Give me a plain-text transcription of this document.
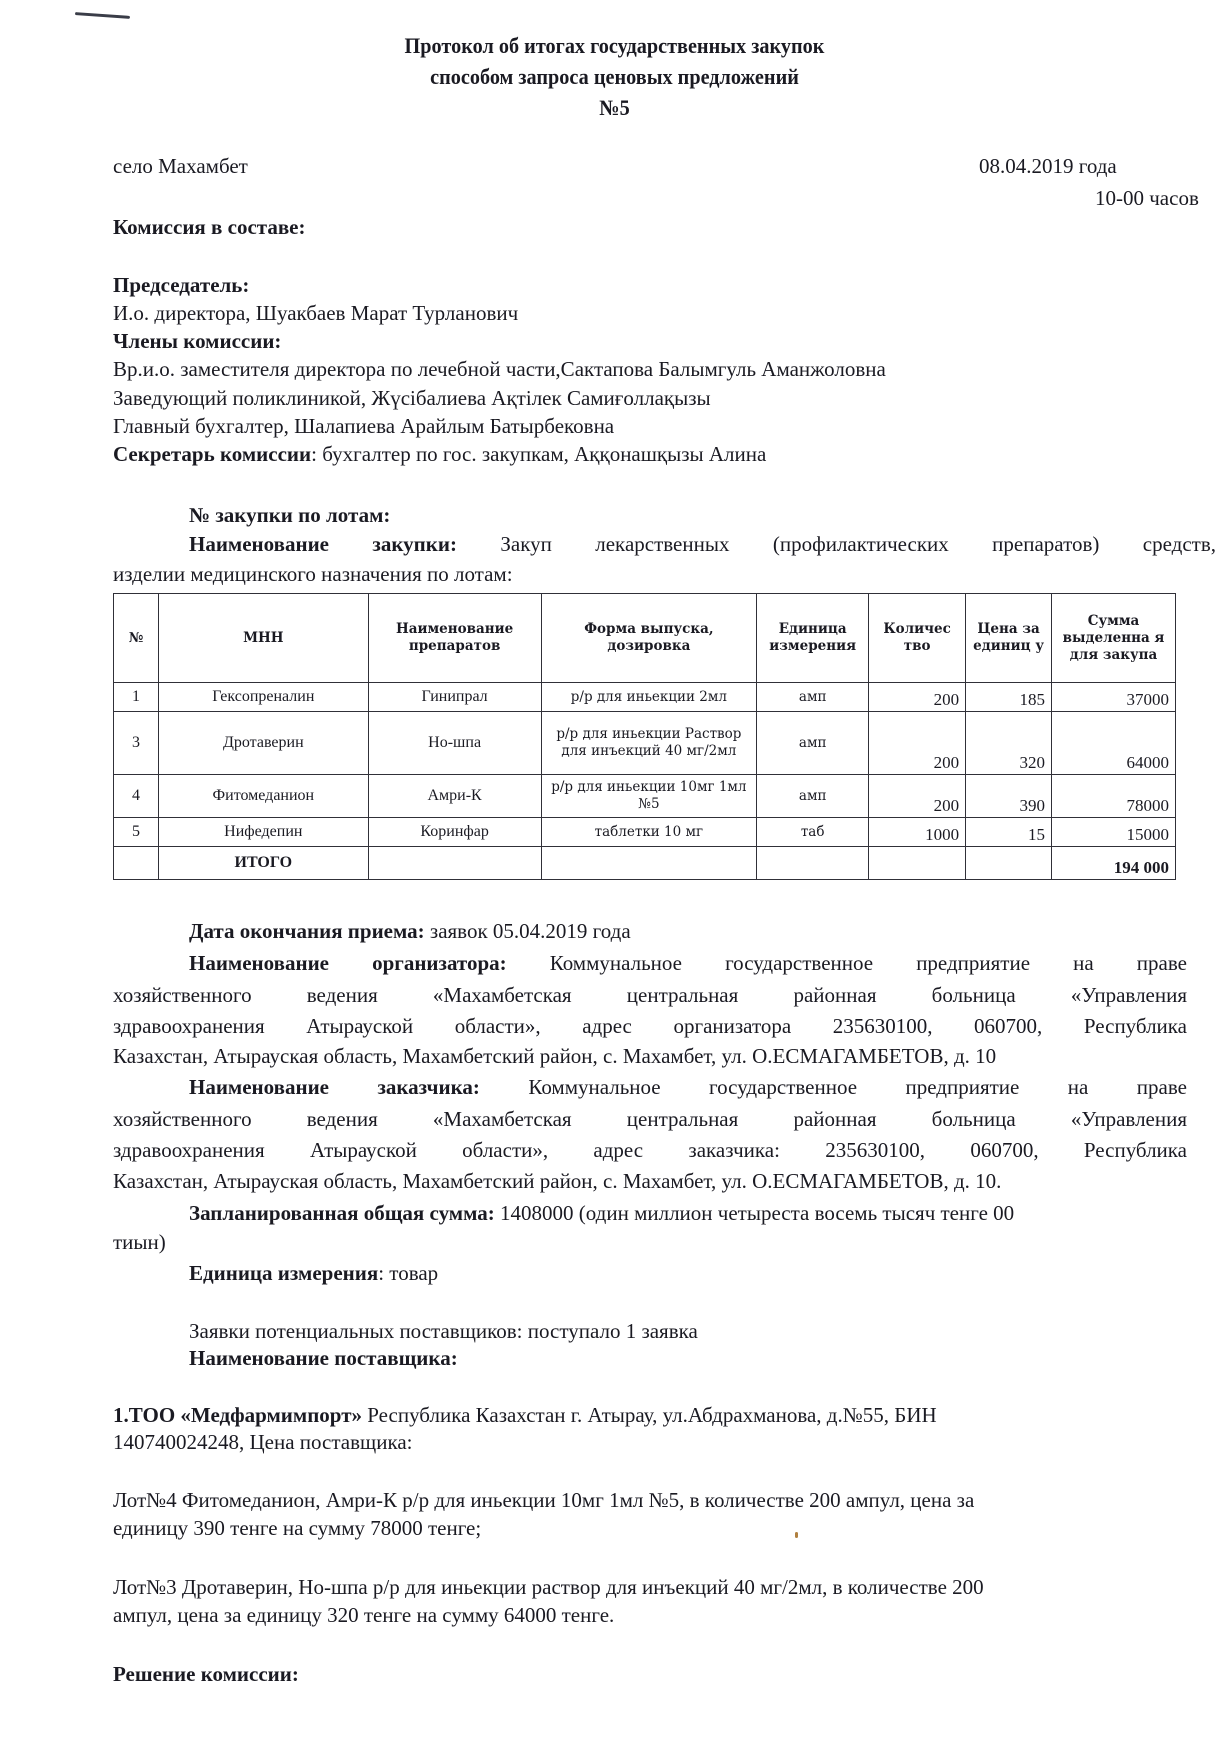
Протокол об итогах государственных закупок
способом запроса ценовых предложений
№5
село Махамбет	08.04.2019 года
10-00 часов
Комиссия в составе:
Председатель:
И.о. директора, Шуакбаев Марат Турланович
Члены комиссии:
Вр.и.о. заместителя директора по лечебной части,Сактапова Балымгуль Аманжоловна
Заведующий поликлиникой, Жүсібалиева Ақтілек Самиғоллақызы
Главный бухгалтер, Шалапиева Арайлым Батырбековна
Секретарь комиссии: бухгалтер по гос. закупкам, Аққонашқызы Алина
№ закупки по лотам:
Наименование закупки: Закуп лекарственных (профилактических препаратов) средств,
изделии медицинского назначения по лотам:
№	МНН	Наименование препаратов	Форма выпуска, дозировка	Единица измерения	Количес тво	Цена за единиц у	Сумма выделенна я для закупа
1	Гексопреналин	Гинипрал	р/р для иньекции 2мл	амп	200	185	37000
3	Дротаверин	Но-шпа	р/р для иньекции Раствор для инъекций 40 мг/2мл	амп	200	320	64000
4	Фитомеданион	Амри-К	р/р для иньекции 10мг 1мл №5	амп	200	390	78000
5	Нифедепин	Коринфар	таблетки 10 мг	таб	1000	15	15000
	ИТОГО						194 000
Дата окончания приема: заявок 05.04.2019 года
Наименование организатора: Коммунальное государственное предприятие на праве
хозяйственного ведения «Махамбетская центральная районная больница «Управления
здравоохранения Атырауской области», адрес организатора 235630100, 060700, Республика
Казахстан, Атырауская область, Махамбетский район, с. Махамбет, ул. О.ЕСМАГАМБЕТОВ, д. 10
Наименование заказчика: Коммунальное государственное предприятие на праве
хозяйственного ведения «Махамбетская центральная районная больница «Управления
здравоохранения Атырауской области», адрес заказчика: 235630100, 060700, Республика
Казахстан, Атырауская область, Махамбетский район, с. Махамбет, ул. О.ЕСМАГАМБЕТОВ, д. 10.
Запланированная общая сумма: 1408000 (один миллион четыреста восемь тысяч тенге 00
тиын)
Единица измерения: товар
Заявки потенциальных поставщиков: поступало 1 заявка
Наименование поставщика:
1.ТОО «Медфармимпорт» Республика Казахстан г. Атырау, ул.Абдрахманова, д.№55, БИН
140740024248, Цена поставщика:
Лот№4 Фитомеданион, Амри-К р/р для иньекции 10мг 1мл №5, в количестве 200 ампул, цена за
единицу 390 тенге на сумму 78000 тенге;
Лот№3 Дротаверин, Но-шпа р/р для иньекции раствор для инъекций 40 мг/2мл, в количестве 200
ампул, цена за единицу 320 тенге на сумму 64000 тенге.
Решение комиссии:
